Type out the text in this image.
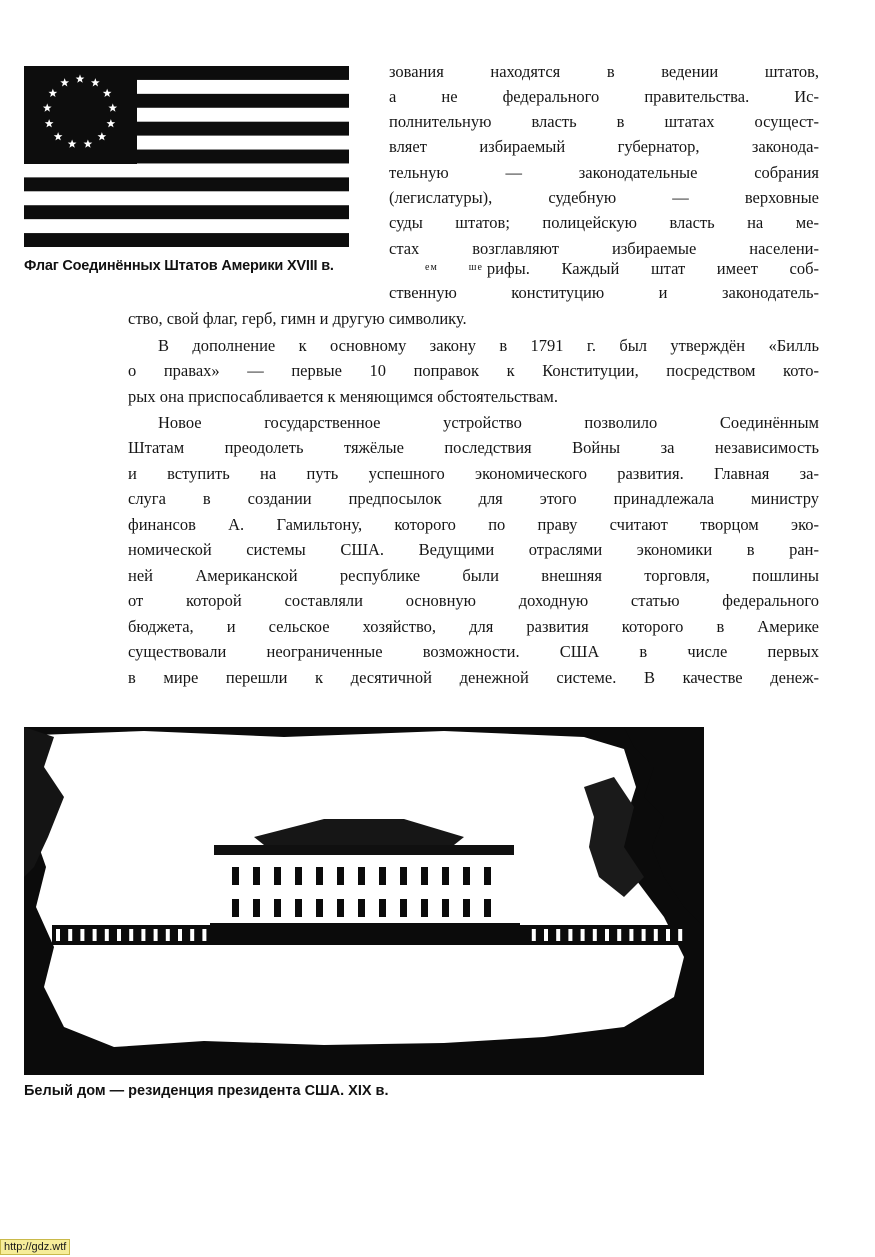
Флаг Соединённых Штатов Америки XVIII в.
зования находятся в ведении штатов,
а не федерального правительства. Ис-
полнительную власть в штатах осущест-
вляет избираемый губернатор, законода-
тельную — законодательные собрания
(легислатуры), судебную — верховные
суды штатов; полицейскую власть на ме-
стах возглавляют избираемые населени-
$^{ем ше}$ рифы. Каждый штат имеет соб-
ственную конституцию и законодатель-
ство, свой флаг, герб, гимн и другую символику.
В дополнение к основному закону в 1791 г. был утверждён «Билль
о правах» — первые 10 поправок к Конституции, посредством кото-
рых она приспосабливается к меняющимся обстоятельствам.
Новое государственное устройство позволило Соединённым
Штатам преодолеть тяжёлые последствия Войны за независимость
и вступить на путь успешного экономического развития. Главная за-
слуга в создании предпосылок для этого принадлежала министру
финансов А. Гамильтону, которого по праву считают творцом эко-
номической системы США. Ведущими отраслями экономики в ран-
ней Американской республике были внешняя торговля, пошлины
от которой составляли основную доходную статью федерального
бюджета, и сельское хозяйство, для развития которого в Америке
существовали неограниченные возможности. США в числе первых
в мире перешли к десятичной денежной системе. В качестве денеж-
Белый дом — резиденция президента США. XIX в.
http://gdz.wtf
